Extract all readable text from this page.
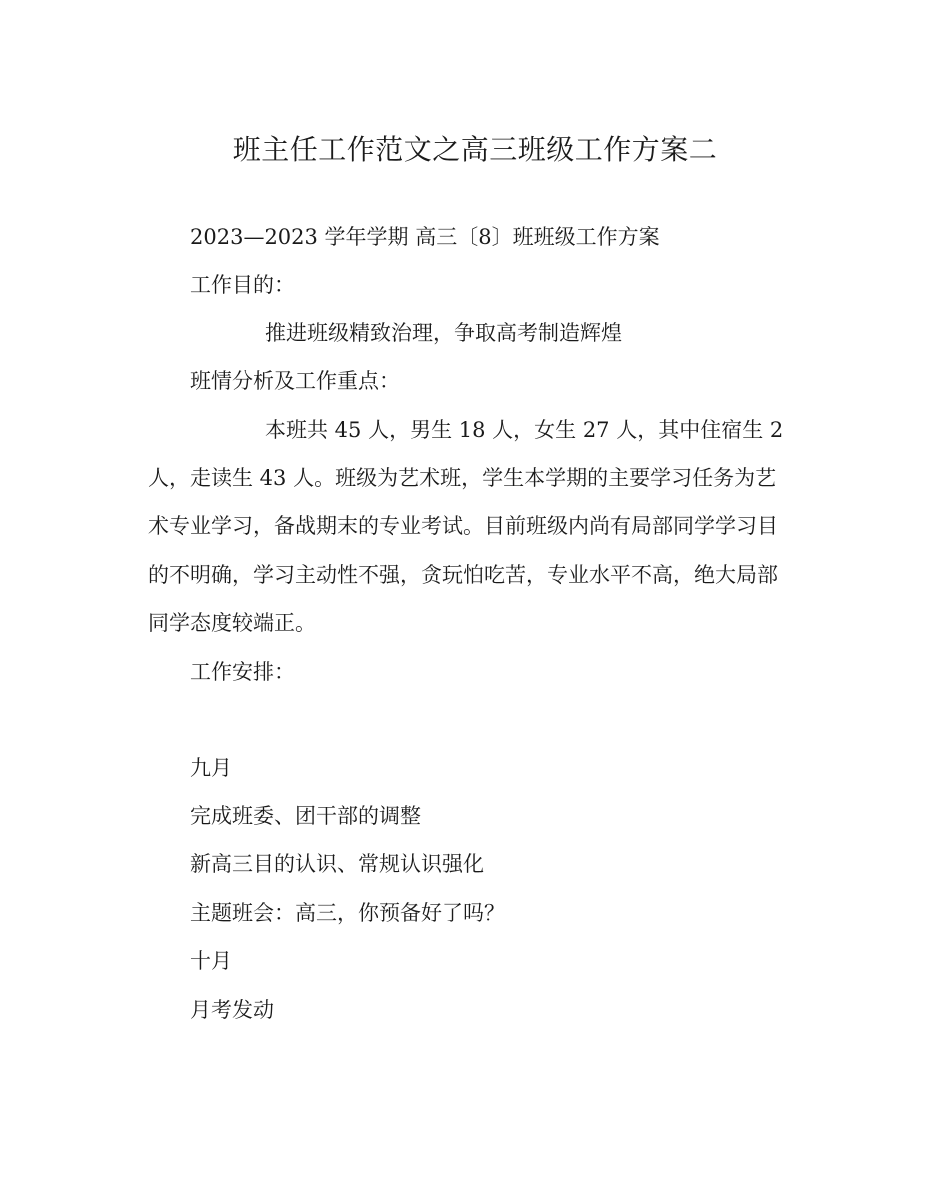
班主任工作范文之高三班级工作方案二

2023—2023 学年学期 高三〔8〕班班级工作方案

工作目的：

推进班级精致治理，争取高考制造辉煌

班情分析及工作重点：

本班共 45 人，男生 18 人，女生 27 人，其中住宿生 2

人，走读生 43 人。班级为艺术班，学生本学期的主要学习任务为艺

术专业学习，备战期末的专业考试。目前班级内尚有局部同学学习目

的不明确，学习主动性不强，贪玩怕吃苦，专业水平不高，绝大局部

同学态度较端正。

工作安排：

九月

完成班委、团干部的调整

新高三目的认识、常规认识强化

主题班会：高三，你预备好了吗？

十月

月考发动
